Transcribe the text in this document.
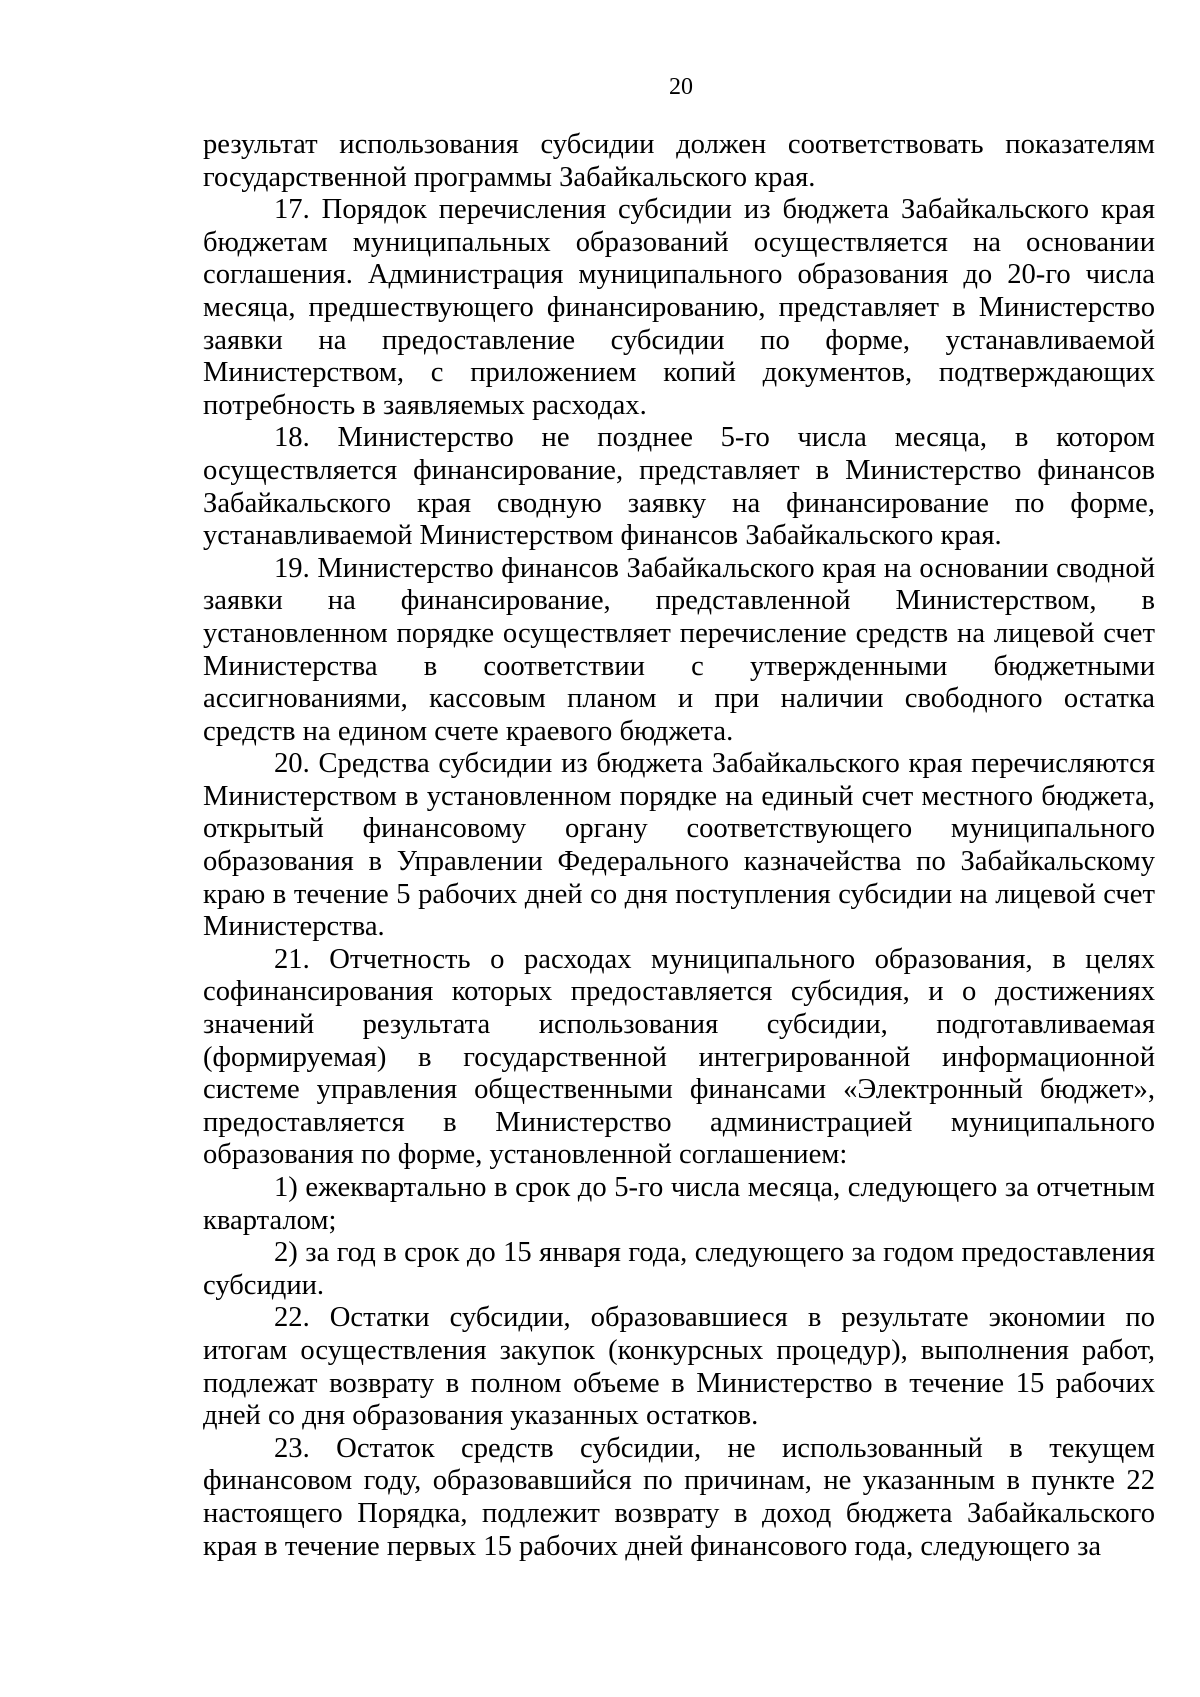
20

результат использования субсидии должен соответствовать показателям государственной программы Забайкальского края.

17. Порядок перечисления субсидии из бюджета Забайкальского края бюджетам муниципальных образований осуществляется на основании соглашения. Администрация муниципального образования до 20-го числа месяца, предшествующего финансированию, представляет в Министерство заявки на предоставление субсидии по форме, устанавливаемой Министерством, с приложением копий документов, подтверждающих потребность в заявляемых расходах.

18. Министерство не позднее 5-го числа месяца, в котором осуществляется финансирование, представляет в Министерство финансов Забайкальского края сводную заявку на финансирование по форме, устанавливаемой Министерством финансов Забайкальского края.

19. Министерство финансов Забайкальского края на основании сводной заявки на финансирование, представленной Министерством, в установленном порядке осуществляет перечисление средств на лицевой счет Министерства в соответствии с утвержденными бюджетными ассигнованиями, кассовым планом и при наличии свободного остатка средств на едином счете краевого бюджета.

20. Средства субсидии из бюджета Забайкальского края перечисляются Министерством в установленном порядке на единый счет местного бюджета, открытый финансовому органу соответствующего муниципального образования в Управлении Федерального казначейства по Забайкальскому краю в течение 5 рабочих дней со дня поступления субсидии на лицевой счет Министерства.

21. Отчетность о расходах муниципального образования, в целях софинансирования которых предоставляется субсидия, и о достижениях значений результата использования субсидии, подготавливаемая (формируемая) в государственной интегрированной информационной системе управления общественными финансами «Электронный бюджет», предоставляется в Министерство администрацией муниципального образования по форме, установленной соглашением:

1) ежеквартально в срок до 5-го числа месяца, следующего за отчетным кварталом;

2) за год в срок до 15 января года, следующего за годом предоставления субсидии.

22. Остатки субсидии, образовавшиеся в результате экономии по итогам осуществления закупок (конкурсных процедур), выполнения работ, подлежат возврату в полном объеме в Министерство в течение 15 рабочих дней со дня образования указанных остатков.

23. Остаток средств субсидии, не использованный в текущем финансовом году, образовавшийся по причинам, не указанным в пункте 22 настоящего Порядка, подлежит возврату в доход бюджета Забайкальского края в течение первых 15 рабочих дней финансового года, следующего за
